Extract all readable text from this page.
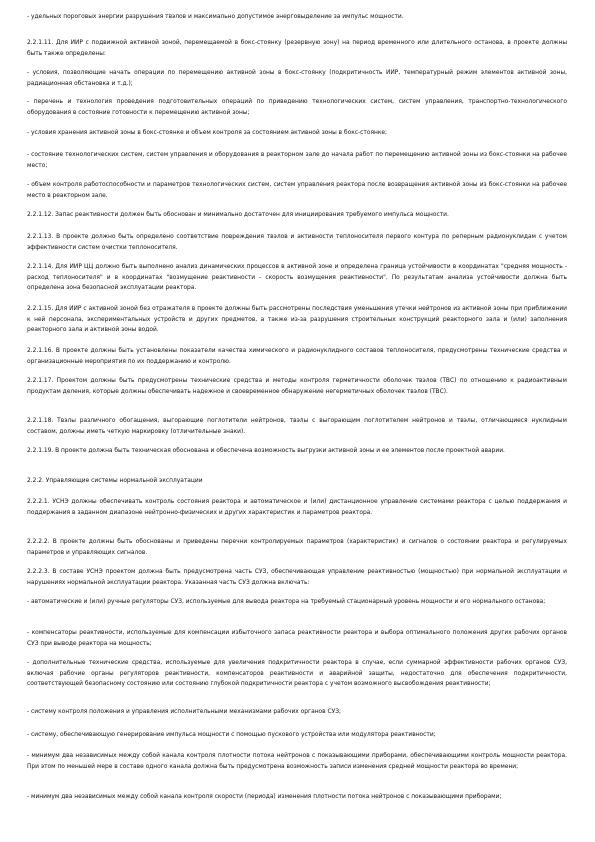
- удельных пороговых энергии разрушения твэлов и максимально допустимое энерговыделение за импульс мощности.

2.2.1.11. Для ИИР с подвижной активной зоной, перемещаемой в бокс-стоянку (резервную зону) на период временного или длительного останова, в проекте должны быть также определены:

- условия, позволяющие начать операции по перемещению активной зоны в бокс-стоянку (подкритичность ИИР, температурный режим элементов активной зоны, радиационная обстановка и т.д.);

- перечень и технология проведения подготовительных операций по приведению технологических систем, систем управления, транспортно-технологического оборудования в состояние готовности к перемещению активной зоны;

- условия хранения активной зоны в бокс-стоянке и объем контроля за состоянием активной зоны в бокс-стоянке;

- состояние технологических систем, систем управления и оборудования в реакторном зале до начала работ по перемещению активной зоны из бокс-стоянки на рабочее место;

- объем контроля работоспособности и параметров технологических систем, систем управления реактора после возвращения активной зоны из бокс-стоянки на рабочее место в реакторном зале.

2.2.1.12. Запас реактивности должен быть обоснован и минимально достаточен для инициирования требуемого импульса мощности.

2.2.1.13. В проекте должно быть определено соответствие повреждения твэлов и активности теплоносителя первого контура по реперным радионуклидам с учетом эффективности систем очистки теплоносителя.

2.2.1.14. Для ИИР ЦЦ должно быть выполнено анализ динамических процессов в активной зоне и определена граница устойчивости в координатах "средняя мощность - расход теплоносителя" и в координатах "возмущение реактивности - скорость возмущения реактивности". По результатам анализа устойчивости должна быть определена зона безопасной эксплуатации реактора.

2.2.1.15. Для ИИР с активной зоной без отражателя в проекте должны быть рассмотрены последствия уменьшения утечки нейтронов из активной зоны при приближении к ней персонала, экспериментальных устройств и других предметов, а также из-за разрушения строительных конструкций реакторного зала и (или) заполнения реакторного зала и активной зоны водой.

2.2.1.16. В проекте должны быть установлены показатели качества химического и радионуклидного составов теплоносителя, предусмотрены технические средства и организационные мероприятия по их поддержанию и контролю.

2.2.1.17. Проектом должны быть предусмотрены технические средства и методы контроля герметичности оболочек твэлов (ТВС) по отношению к радиоактивным продуктам деления, которые должны обеспечивать надежное и своевременное обнаружение негерметичных оболочек твэлов (ТВС).

2.2.1.18. Твэлы различного обогащения, выгорающие поглотители нейтронов, твэлы с выгорающим поглотителем нейтронов и твэлы, отличающиеся нуклидным составом, должны иметь четкую маркировку (отличительные знаки).

2.2.1.19. В проекте должна быть техническая обоснована и обеспечена возможность выгрузки активной зоны и ее элементов после проектной аварии.

2.2.2. Управляющие системы нормальной эксплуатации

2.2.2.1. УСНЭ должны обеспечивать контроль состояния реактора и автоматическое и (или) дистанционное управление системами реактора с целью поддержания и поддержания в заданном диапазоне нейтронно-физических и других характеристик и параметров реактора.

2.2.2.2. В проекте должны быть обоснованы и приведены перечни контролируемых параметров (характеристик) и сигналов о состоянии реактора и регулируемых параметров и управляющих сигналов.

2.2.2.3. В составе УСНЭ проектом должна быть предусмотрена часть СУЗ, обеспечивающая управление реактивностью (мощностью) при нормальной эксплуатации и нарушениях нормальной эксплуатации реактора. Указанная часть СУЗ должна включать:

- автоматические и (или) ручные регуляторы СУЗ, используемые для вывода реактора на требуемый стационарный уровень мощности и его нормального останова;

- компенсаторы реактивности, используемые для компенсации избыточного запаса реактивности реактора и выбора оптимального положения других рабочих органов СУЗ при выводе реактора на мощность;

- дополнительные технические средства, используемые для увеличения подкритичности реактора в случае, если суммарной эффективности рабочих органов СУЗ, включая рабочие органы регуляторов реактивности, компенсаторов реактивности и аварийной защиты, недостаточно для обеспечения подкритичности, соответствующей безопасному состоянию или состоянию глубокой подкритичности реактора с учетом возможного высвобождения реактивности;

- систему контроля положения и управления исполнительными механизмами рабочих органов СУЗ;

- систему, обеспечивающую генерирование импульса мощности с помощью пускового устройства или модулятора реактивности;

- минимум два независимых между собой канала контроля плотности потока нейтронов с показывающими приборами, обеспечивающими контроль мощности реактора. При этом по меньшей мере в составе одного канала должна быть предусмотрена возможность записи изменения средней мощности реактора во времени;

- минимум два независимых между собой канала контроля скорости (периода) изменения плотности потока нейтронов с показывающими приборами;
